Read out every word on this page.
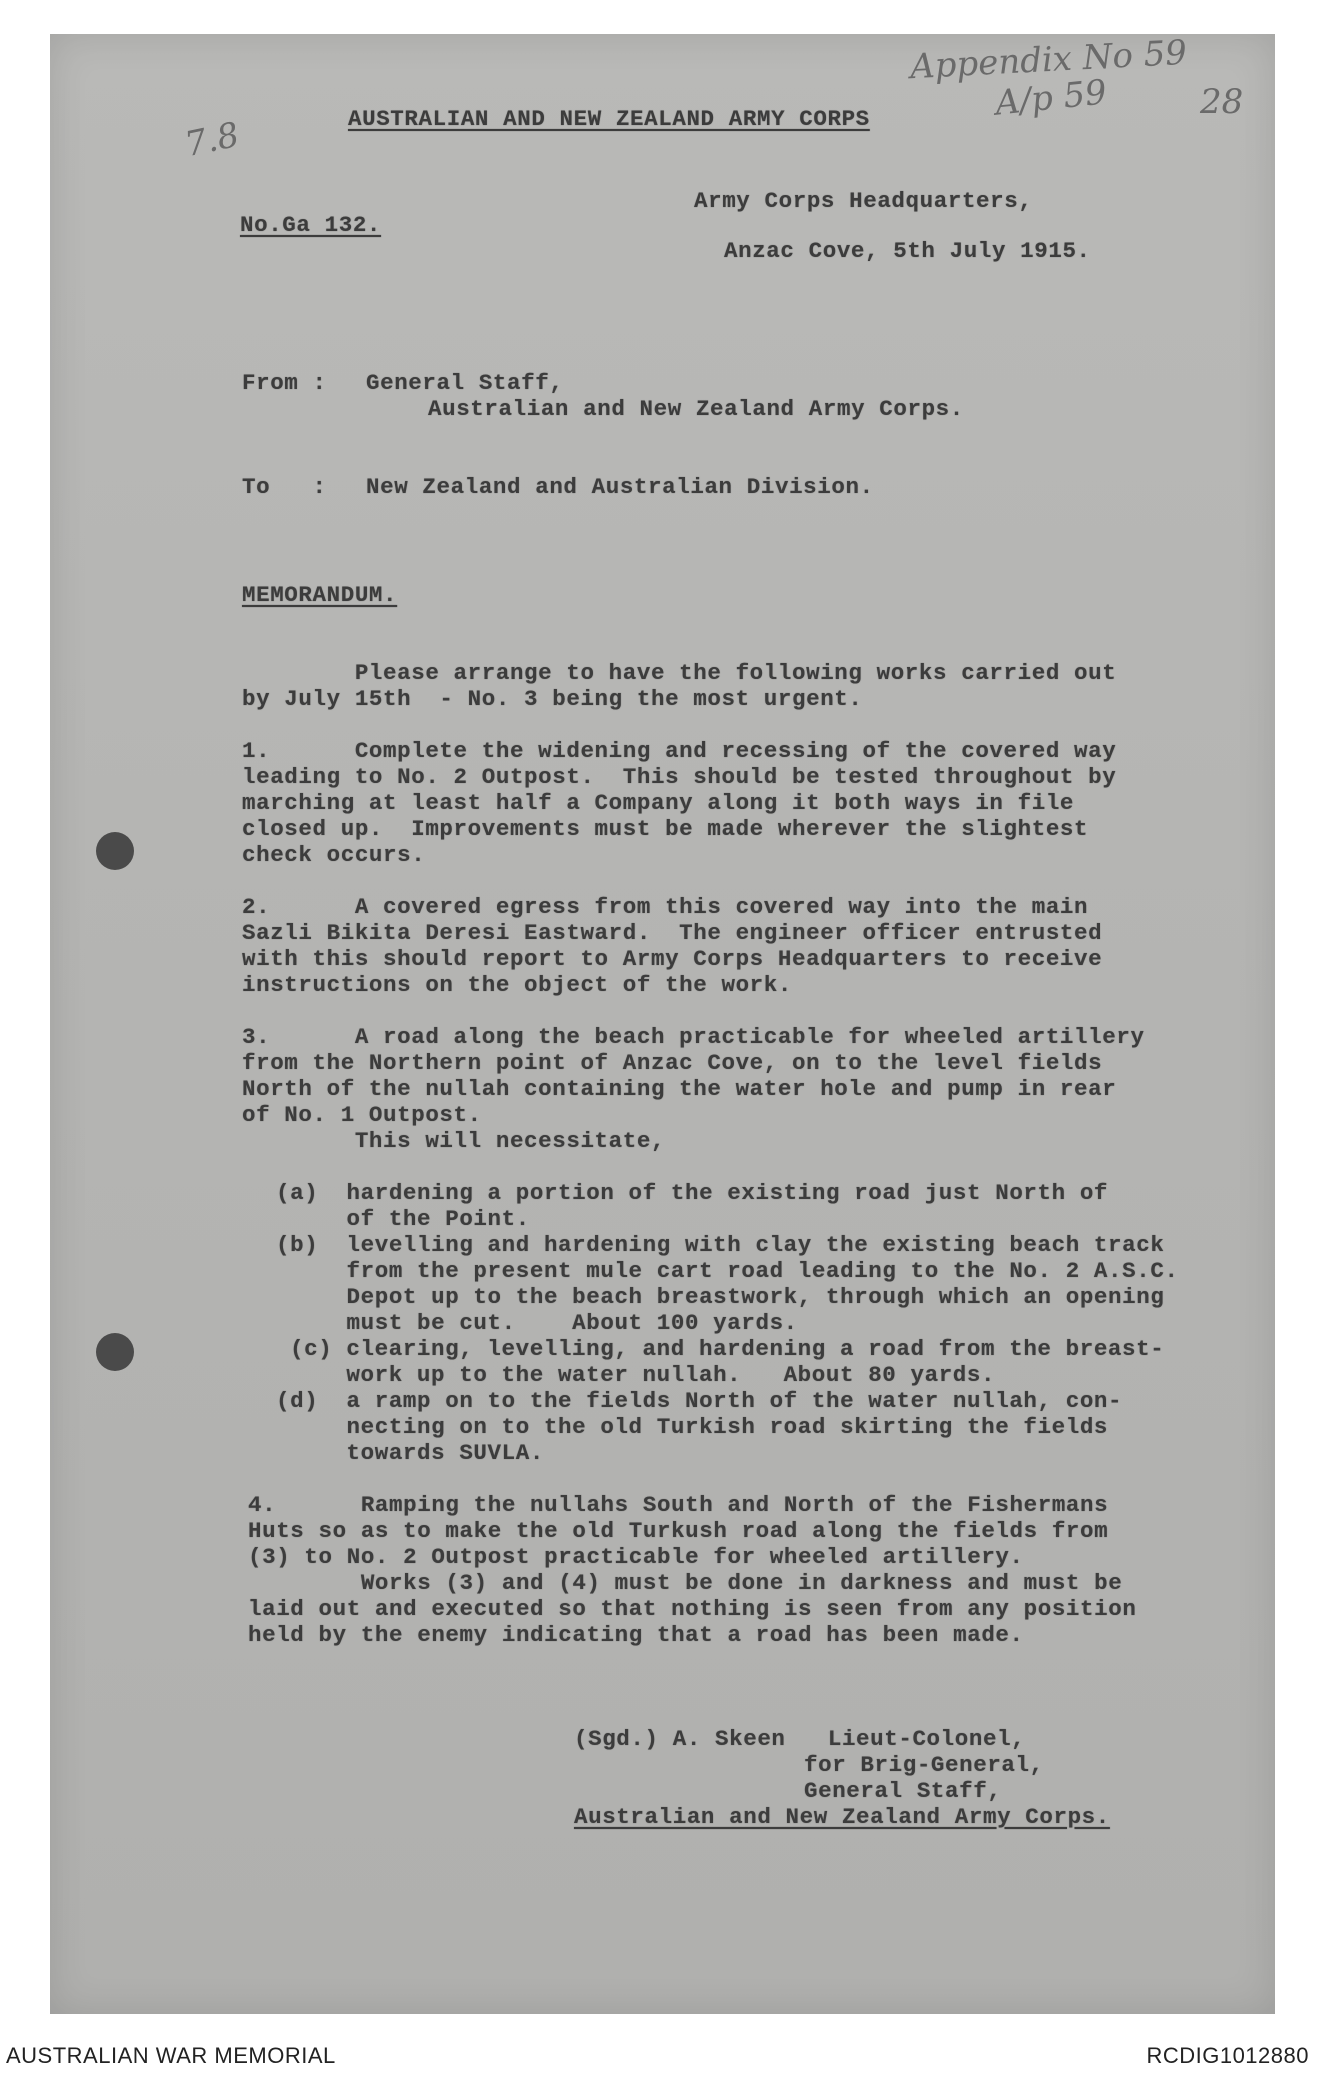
Appendix No 59
A/p 59	28
7.8	AUSTRALIAN AND NEW ZEALAND ARMY CORPS
Army Corps Headquarters,
No.Ga 132.
Anzac Cove, 5th July 1915.
From : General Staff,
Australian and New Zealand Army Corps.
To   : New Zealand and Australian Division.
MEMORANDUM.
Please arrange to have the following works carried out
by July 15th  - No. 3 being the most urgent.
1.      Complete the widening and recessing of the covered way
leading to No. 2 Outpost.  This should be tested throughout by
marching at least half a Company along it both ways in file
closed up.  Improvements must be made wherever the slightest
check occurs.
2.      A covered egress from this covered way into the main
Sazli Bikita Deresi Eastward.  The engineer officer entrusted
with this should report to Army Corps Headquarters to receive
instructions on the object of the work.
3.      A road along the beach practicable for wheeled artillery
from the Northern point of Anzac Cove, on to the level fields
North of the nullah containing the water hole and pump in rear
of No. 1 Outpost.
This will necessitate,
(a)  hardening a portion of the existing road just North of
of the Point.
(b)  levelling and hardening with clay the existing beach track
from the present mule cart road leading to the No. 2 A.S.C.
Depot up to the beach breastwork, through which an opening
must be cut.    About 100 yards.
(c) clearing, levelling, and hardening a road from the breast-
work up to the water nullah.   About 80 yards.
(d)  a ramp on to the fields North of the water nullah, con-
necting on to the old Turkish road skirting the fields
towards SUVLA.
4.      Ramping the nullahs South and North of the Fishermans
Huts so as to make the old Turkush road along the fields from
(3) to No. 2 Outpost practicable for wheeled artillery.
Works (3) and (4) must be done in darkness and must be
laid out and executed so that nothing is seen from any position
held by the enemy indicating that a road has been made.
(Sgd.) A. Skeen   Lieut-Colonel,
for Brig-General,
General Staff,
Australian and New Zealand Army Corps.
AUSTRALIAN WAR MEMORIAL	RCDIG1012880
